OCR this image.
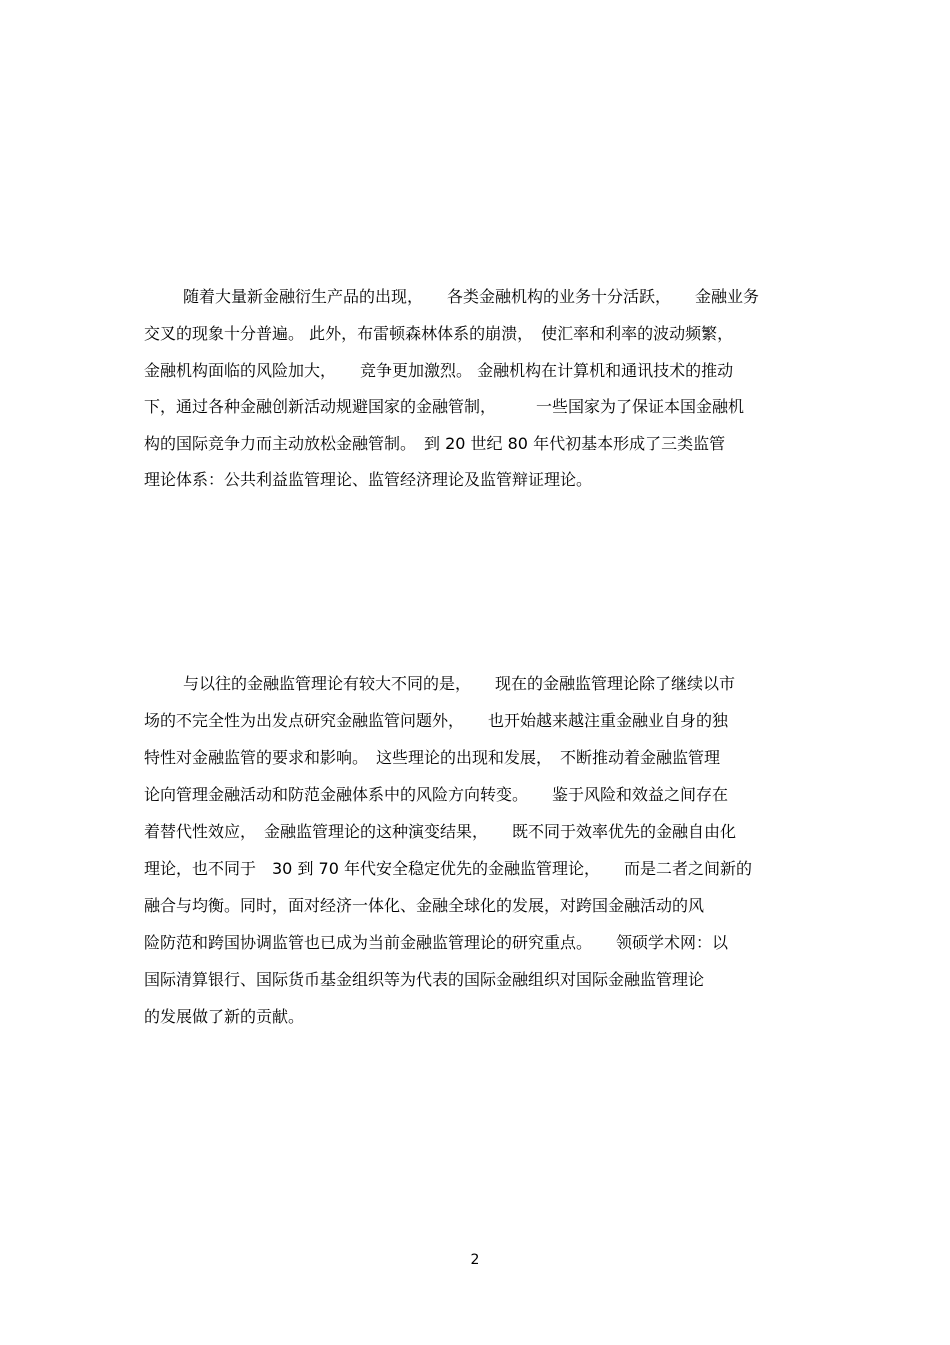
随着大量新金融衍生产品的出现，　　各类金融机构的业务十分活跃，　　金融业务
交叉的现象十分普遍。 此外，布雷顿森林体系的崩溃，　使汇率和利率的波动频繁，
金融机构面临的风险加大，　　竞争更加激烈。 金融机构在计算机和通讯技术的推动
下，通过各种金融创新活动规避国家的金融管制，　　　一些国家为了保证本国金融机
构的国际竞争力而主动放松金融管制。　到 20 世纪 80 年代初基本形成了三类监管
理论体系：公共利益监管理论、监管经济理论及监管辩证理论。
与以往的金融监管理论有较大不同的是，　　现在的金融监管理论除了继续以市
场的不完全性为出发点研究金融监管问题外，　　也开始越来越注重金融业自身的独
特性对金融监管的要求和影响。　这些理论的出现和发展，　不断推动着金融监管理
论向管理金融活动和防范金融体系中的风险方向转变。　　鉴于风险和效益之间存在
着替代性效应，　金融监管理论的这种演变结果，　　既不同于效率优先的金融自由化
理论，也不同于　30 到 70 年代安全稳定优先的金融监管理论，　　而是二者之间新的
融合与均衡。同时，面对经济一体化、金融全球化的发展，对跨国金融活动的风
险防范和跨国协调监管也已成为当前金融监管理论的研究重点。　　领硕学术网：以
国际清算银行、国际货币基金组织等为代表的国际金融组织对国际金融监管理论
的发展做了新的贡献。
2
